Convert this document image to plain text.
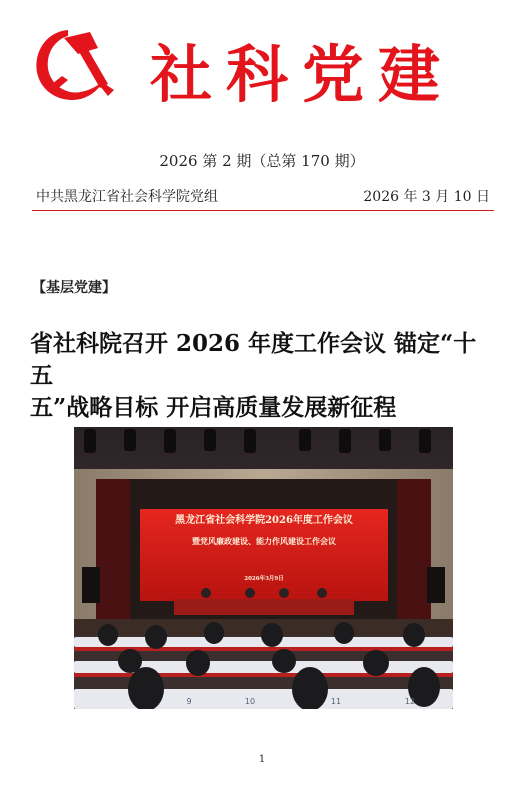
社科党建
2026 第 2 期（总第 170 期）
中共黑龙江省社会科学院党组	2026 年 3 月 10 日
【基层党建】
省社科院召开 2026 年度工作会议 锚定“十五
五”战略目标 开启高质量发展新征程
黑龙江省社会科学院2026年度工作会议
暨党风廉政建设、能力作风建设工作会议
2026年3月9日
9	10	11	12
1
